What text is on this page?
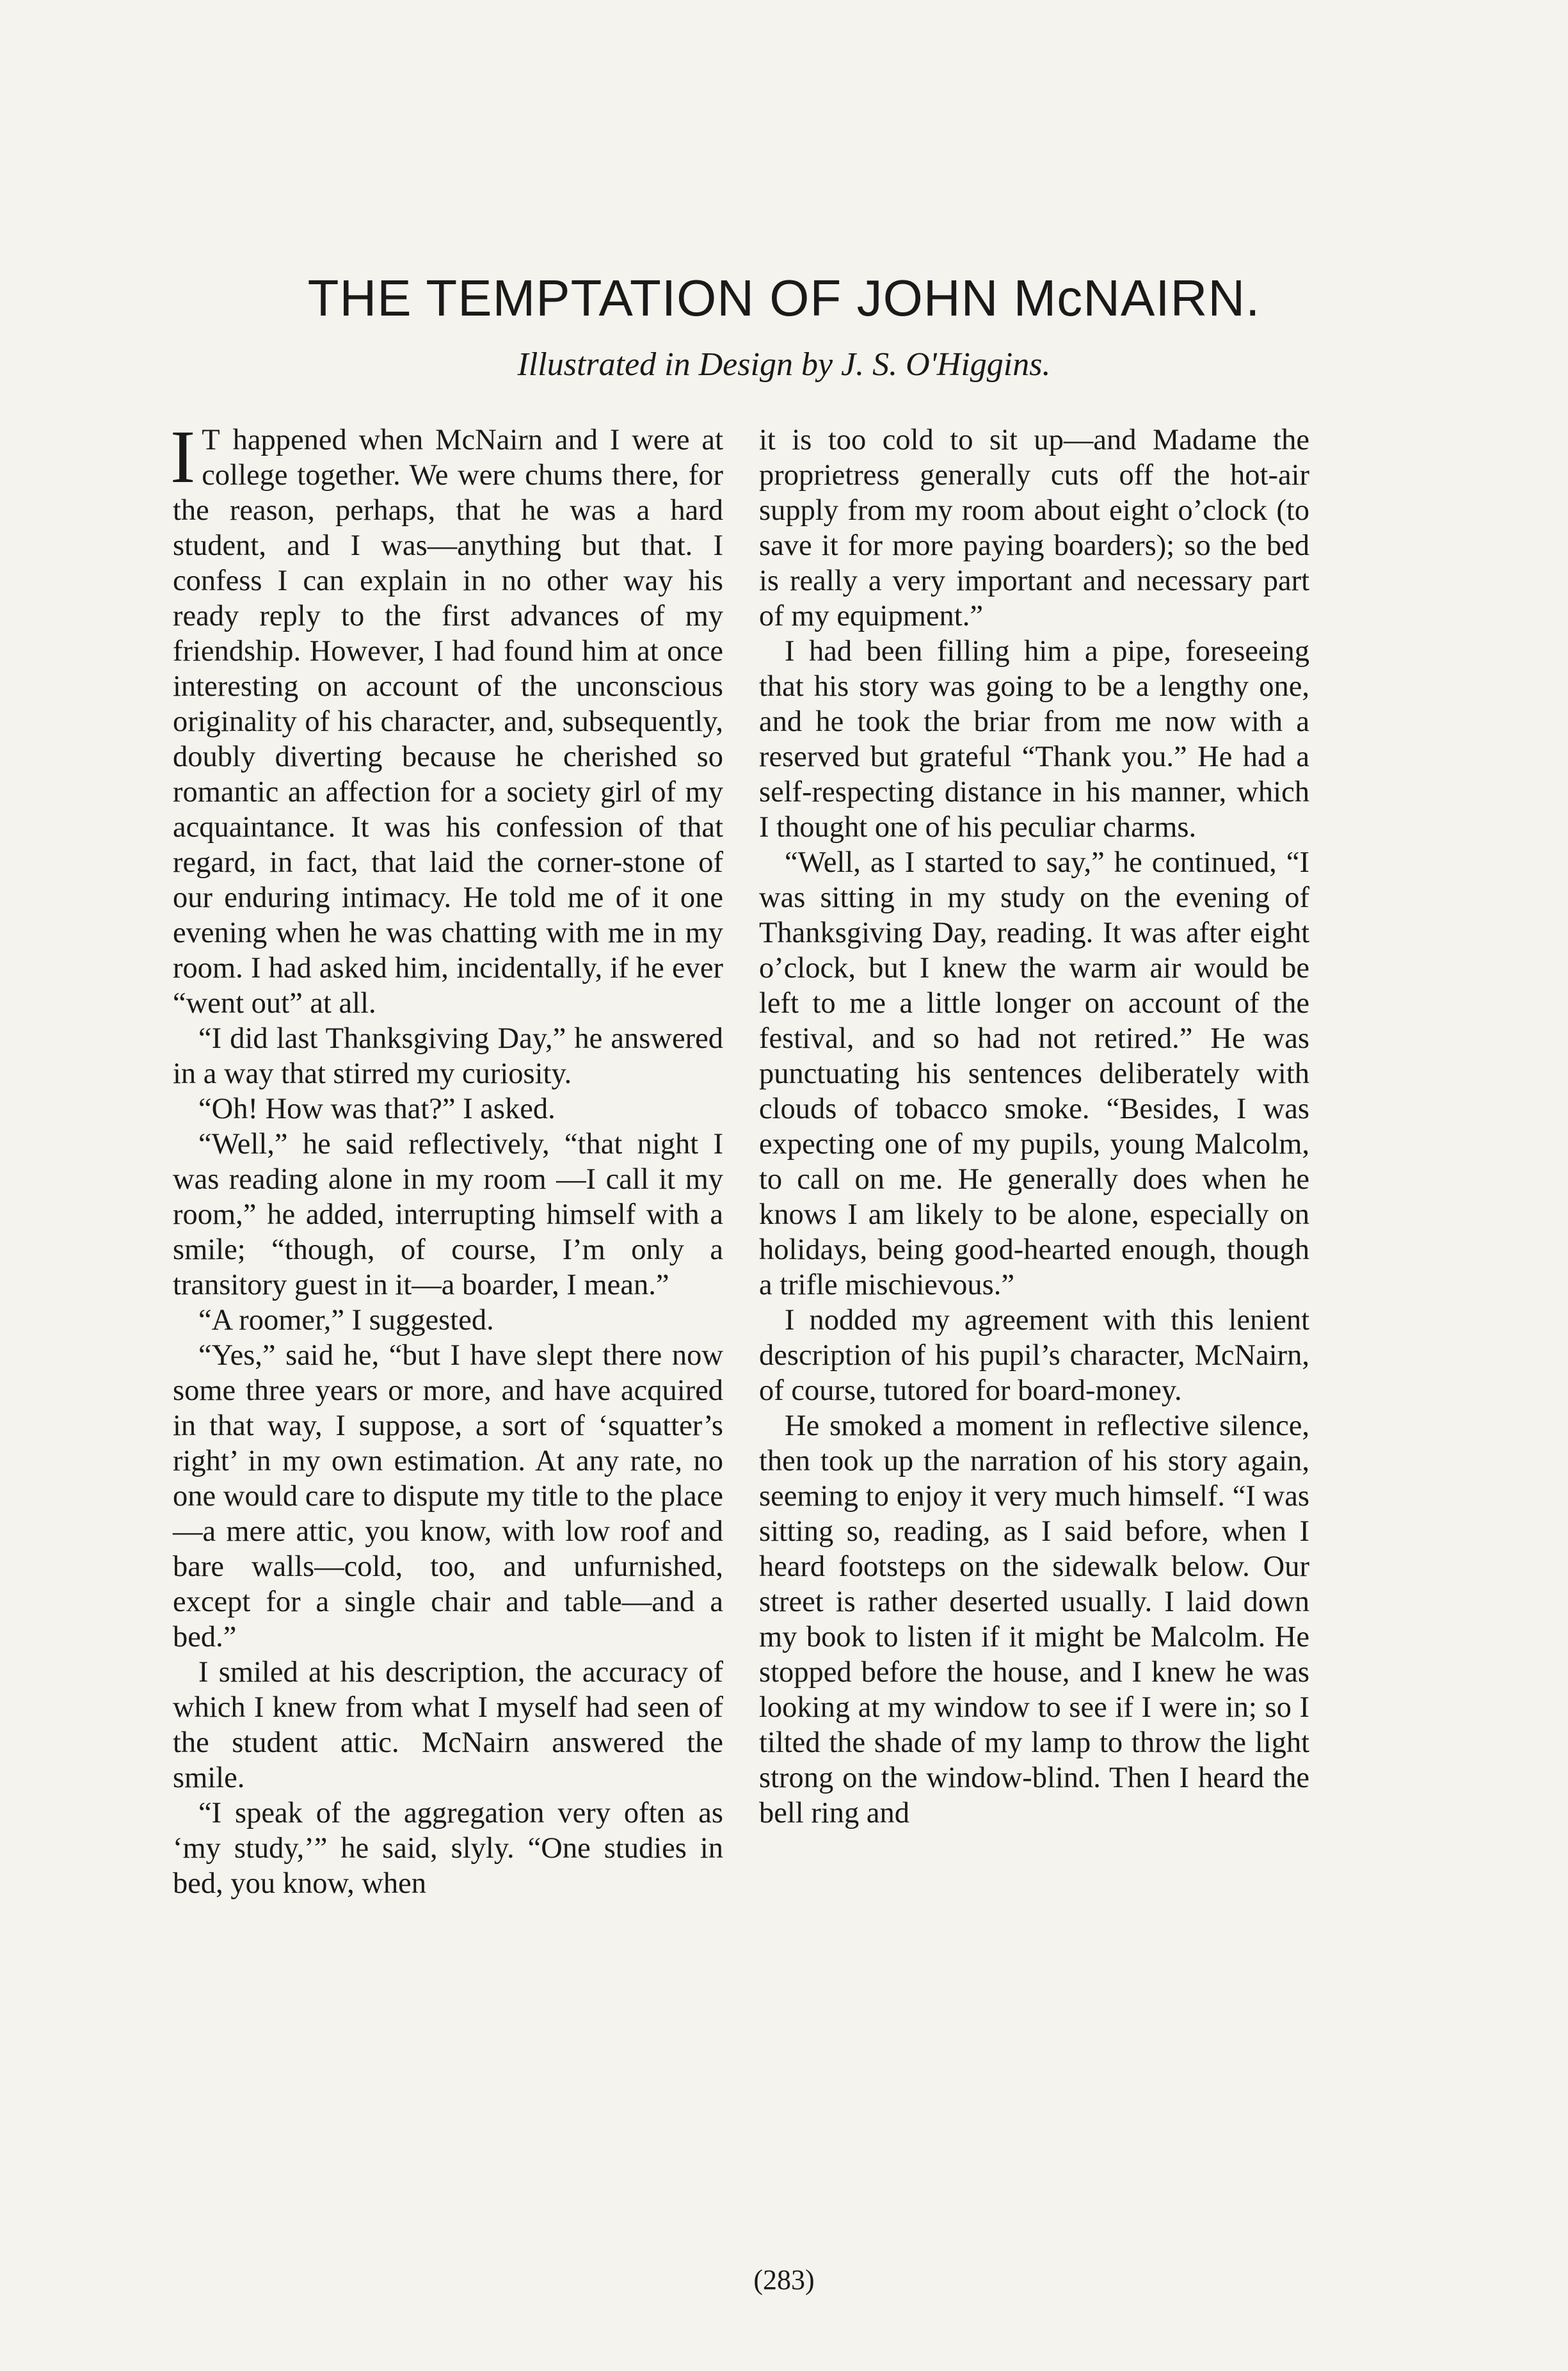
THE TEMPTATION OF JOHN McNAIRN.

Illustrated in Design by J. S. O'Higgins.

I T happened when McNairn and I were at college together. We were chums there, for the reason, perhaps, that he was a hard student, and I was—anything but that. I confess I can explain in no other way his ready reply to the first advances of my friendship. However, I had found him at once interesting on account of the unconscious originality of his character, and, subsequently, doubly diverting because he cherished so romantic an affection for a society girl of my acquaintance. It was his confession of that regard, in fact, that laid the corner-stone of our enduring intimacy. He told me of it one evening when he was chatting with me in my room. I had asked him, incidentally, if he ever “went out” at all.

“I did last Thanksgiving Day,” he answered in a way that stirred my curiosity.

“Oh! How was that?” I asked.

“Well,” he said reflectively, “that night I was reading alone in my room —I call it my room,” he added, interrupting himself with a smile; “though, of course, I’m only a transitory guest in it—a boarder, I mean.”

“A roomer,” I suggested.

“Yes,” said he, “but I have slept there now some three years or more, and have acquired in that way, I suppose, a sort of ‘squatter’s right’ in my own estimation. At any rate, no one would care to dispute my title to the place—a mere attic, you know, with low roof and bare walls—cold, too, and unfurnished, except for a single chair and table—and a bed.”

I smiled at his description, the accuracy of which I knew from what I myself had seen of the student attic. McNairn answered the smile.

“I speak of the aggregation very often as ‘my study,’” he said, slyly. “One studies in bed, you know, when

it is too cold to sit up—and Madame the proprietress generally cuts off the hot-air supply from my room about eight o’clock (to save it for more paying boarders); so the bed is really a very important and necessary part of my equipment.”

I had been filling him a pipe, foreseeing that his story was going to be a lengthy one, and he took the briar from me now with a reserved but grateful “Thank you.” He had a self-respecting distance in his manner, which I thought one of his peculiar charms.

“Well, as I started to say,” he continued, “I was sitting in my study on the evening of Thanksgiving Day, reading. It was after eight o’clock, but I knew the warm air would be left to me a little longer on account of the festival, and so had not retired.” He was punctuating his sentences deliberately with clouds of tobacco smoke. “Besides, I was expecting one of my pupils, young Malcolm, to call on me. He generally does when he knows I am likely to be alone, especially on holidays, being good-hearted enough, though a trifle mischievous.”

I nodded my agreement with this lenient description of his pupil’s character, McNairn, of course, tutored for board-money.

He smoked a moment in reflective silence, then took up the narration of his story again, seeming to enjoy it very much himself. “I was sitting so, reading, as I said before, when I heard footsteps on the sidewalk below. Our street is rather deserted usually. I laid down my book to listen if it might be Malcolm. He stopped before the house, and I knew he was looking at my window to see if I were in; so I tilted the shade of my lamp to throw the light strong on the window-blind. Then I heard the bell ring and

(283)
